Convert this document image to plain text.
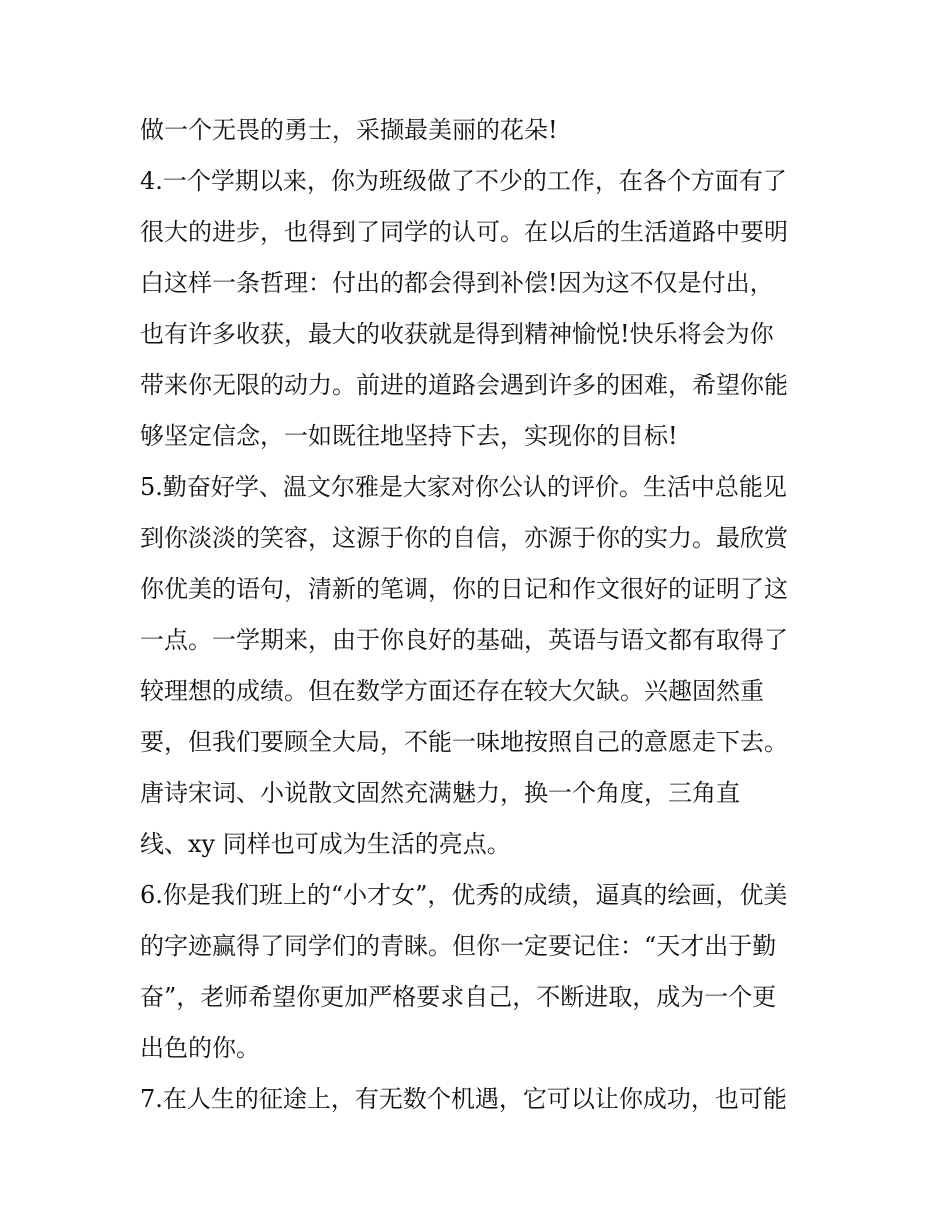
做一个无畏的勇士，采撷最美丽的花朵!
4.一个学期以来，你为班级做了不少的工作，在各个方面有了
很大的进步，也得到了同学的认可。在以后的生活道路中要明
白这样一条哲理：付出的都会得到补偿!因为这不仅是付出，
也有许多收获，最大的收获就是得到精神愉悦!快乐将会为你
带来你无限的动力。前进的道路会遇到许多的困难，希望你能
够坚定信念，一如既往地坚持下去，实现你的目标!
5.勤奋好学、温文尔雅是大家对你公认的评价。生活中总能见
到你淡淡的笑容，这源于你的自信，亦源于你的实力。最欣赏
你优美的语句，清新的笔调，你的日记和作文很好的证明了这
一点。一学期来，由于你良好的基础，英语与语文都有取得了
较理想的成绩。但在数学方面还存在较大欠缺。兴趣固然重
要，但我们要顾全大局，不能一味地按照自己的意愿走下去。
唐诗宋词、小说散文固然充满魅力，换一个角度，三角直
线、xy 同样也可成为生活的亮点。
6.你是我们班上的“小才女”，优秀的成绩，逼真的绘画，优美
的字迹赢得了同学们的青睐。但你一定要记住：“天才出于勤
奋”，老师希望你更加严格要求自己，不断进取，成为一个更
出色的你。
7.在人生的征途上，有无数个机遇，它可以让你成功，也可能
